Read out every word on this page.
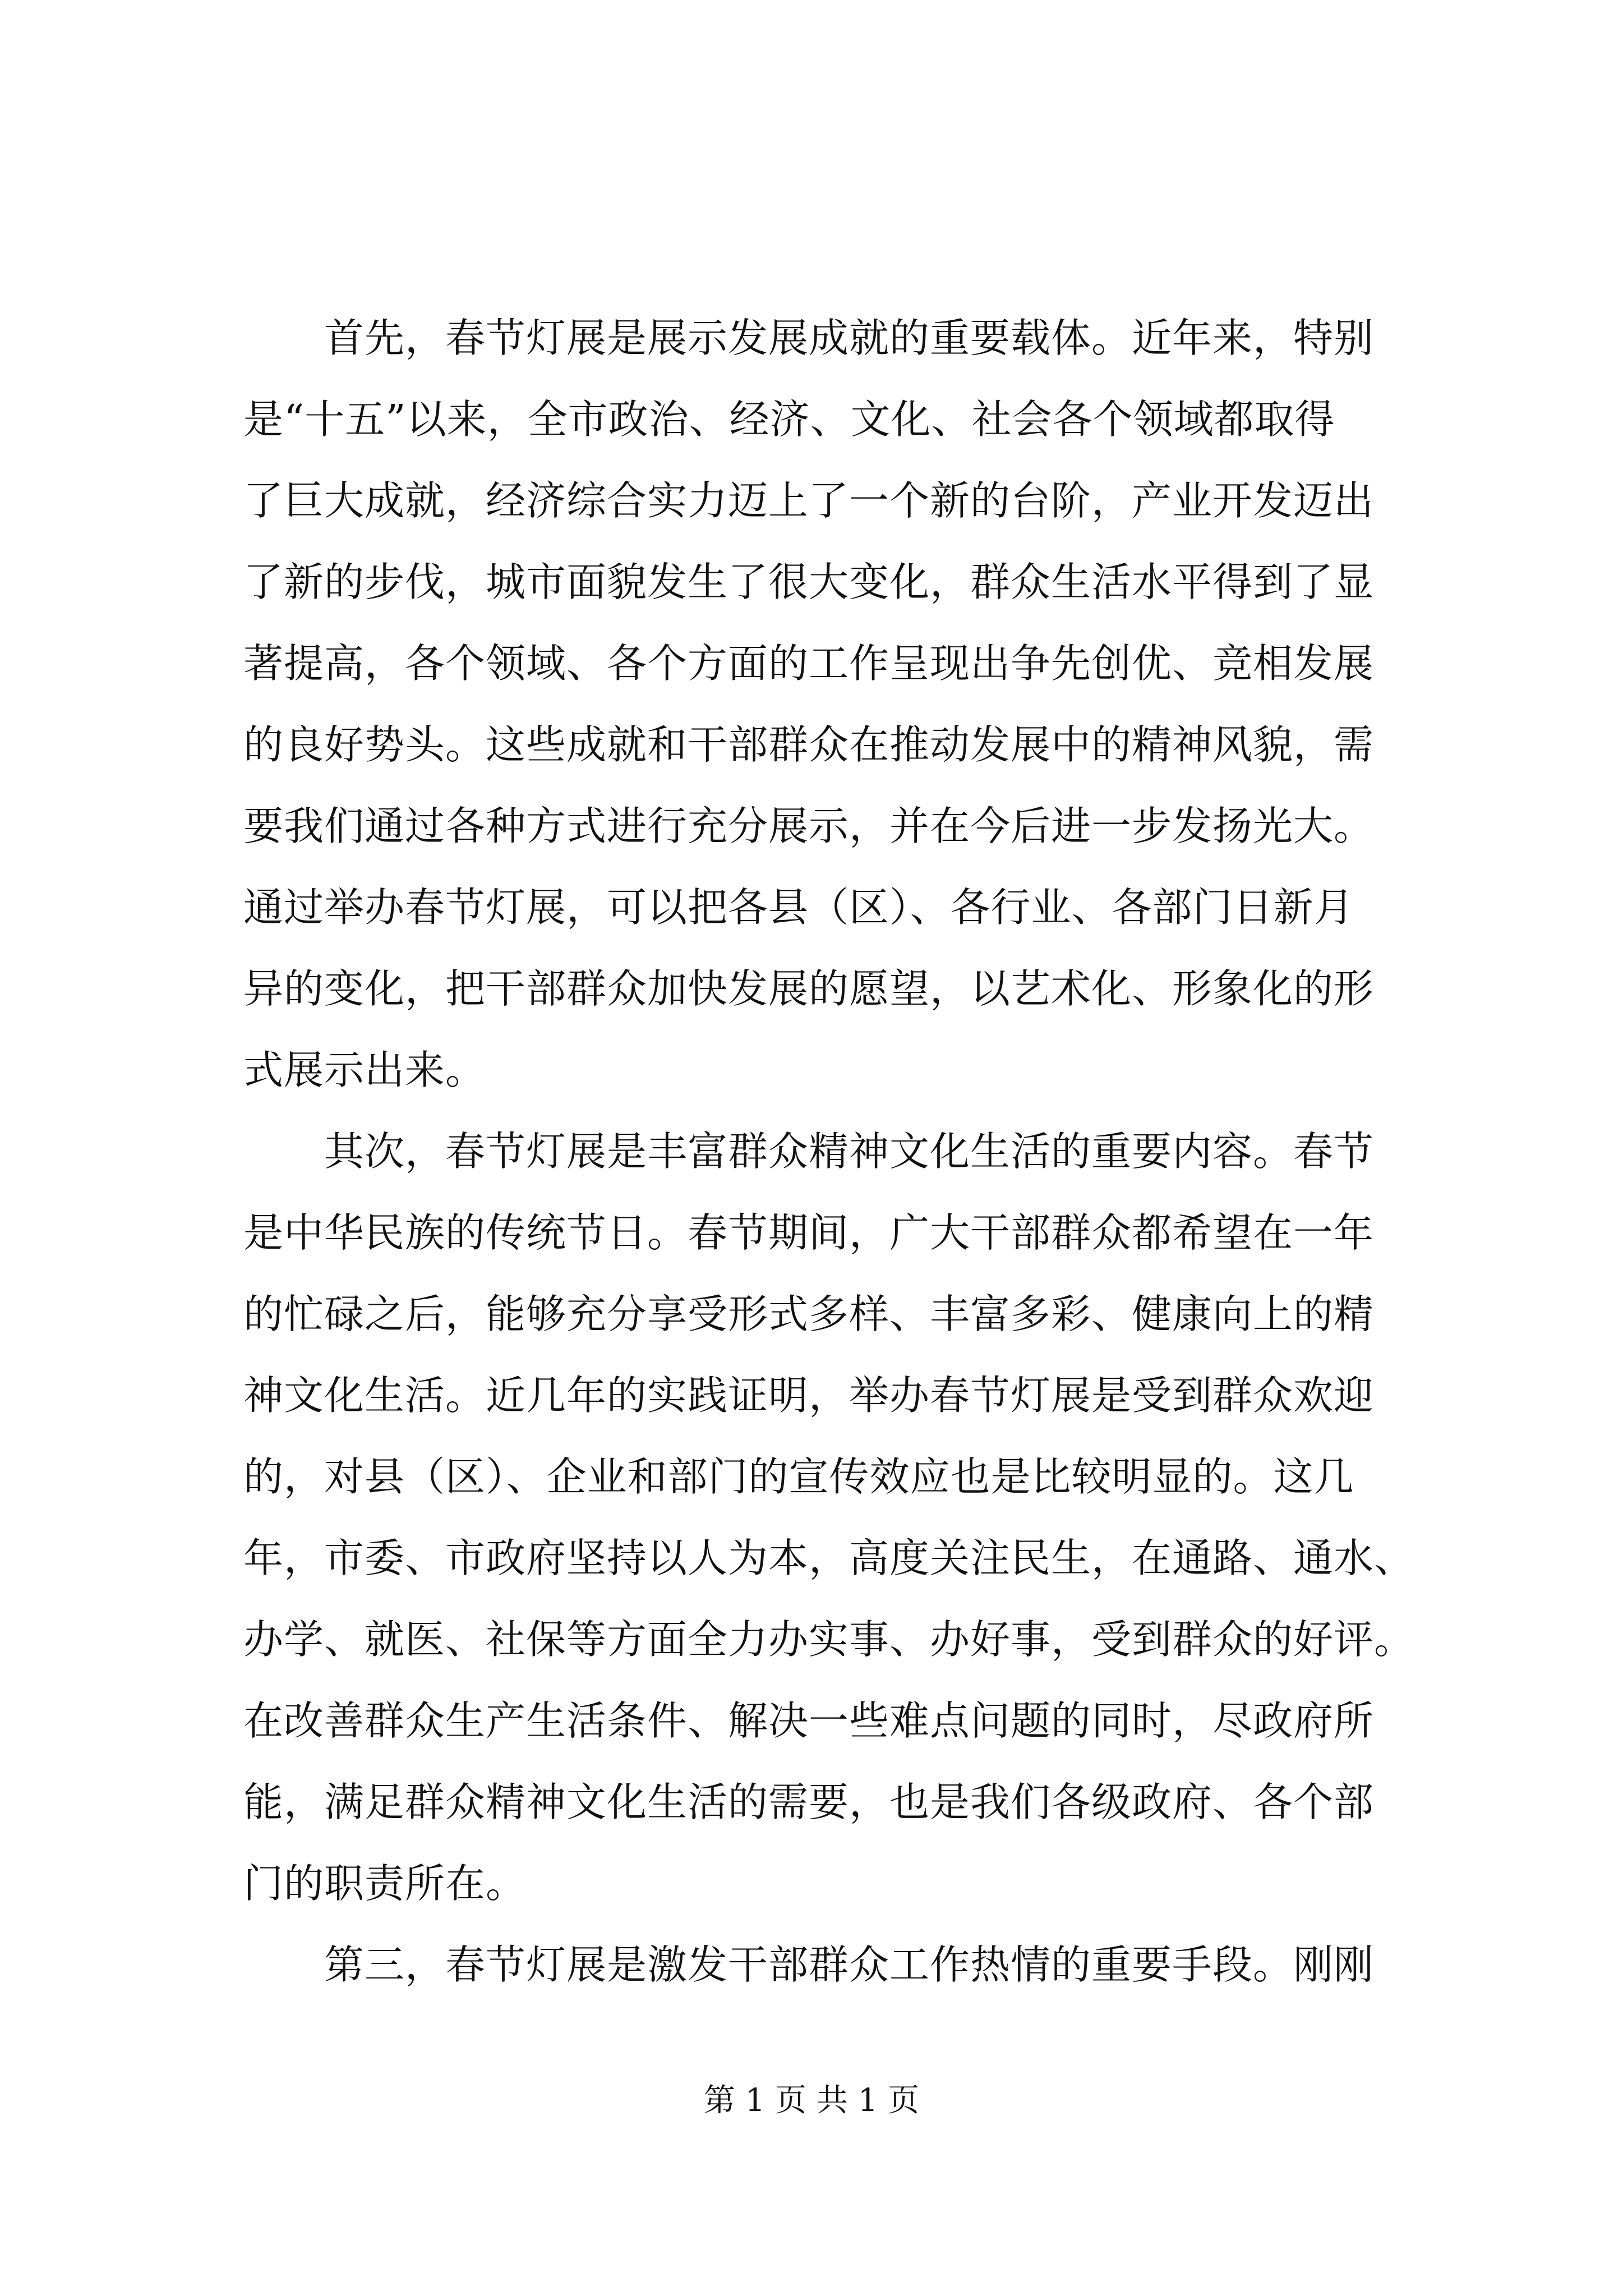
　　首先，春节灯展是展示发展成就的重要载体。近年来，特别
是“十五”以来，全市政治、经济、文化、社会各个领域都取得
了巨大成就，经济综合实力迈上了一个新的台阶，产业开发迈出
了新的步伐，城市面貌发生了很大变化，群众生活水平得到了显
著提高，各个领域、各个方面的工作呈现出争先创优、竞相发展
的良好势头。这些成就和干部群众在推动发展中的精神风貌，需
要我们通过各种方式进行充分展示，并在今后进一步发扬光大。
通过举办春节灯展，可以把各县（区）、各行业、各部门日新月
异的变化，把干部群众加快发展的愿望，以艺术化、形象化的形
式展示出来。
　　其次，春节灯展是丰富群众精神文化生活的重要内容。春节
是中华民族的传统节日。春节期间，广大干部群众都希望在一年
的忙碌之后，能够充分享受形式多样、丰富多彩、健康向上的精
神文化生活。近几年的实践证明，举办春节灯展是受到群众欢迎
的，对县（区）、企业和部门的宣传效应也是比较明显的。这几
年，市委、市政府坚持以人为本，高度关注民生，在通路、通水、
办学、就医、社保等方面全力办实事、办好事，受到群众的好评。
在改善群众生产生活条件、解决一些难点问题的同时，尽政府所
能，满足群众精神文化生活的需要，也是我们各级政府、各个部
门的职责所在。
　　第三，春节灯展是激发干部群众工作热情的重要手段。刚刚
第 1 页 共 1 页
